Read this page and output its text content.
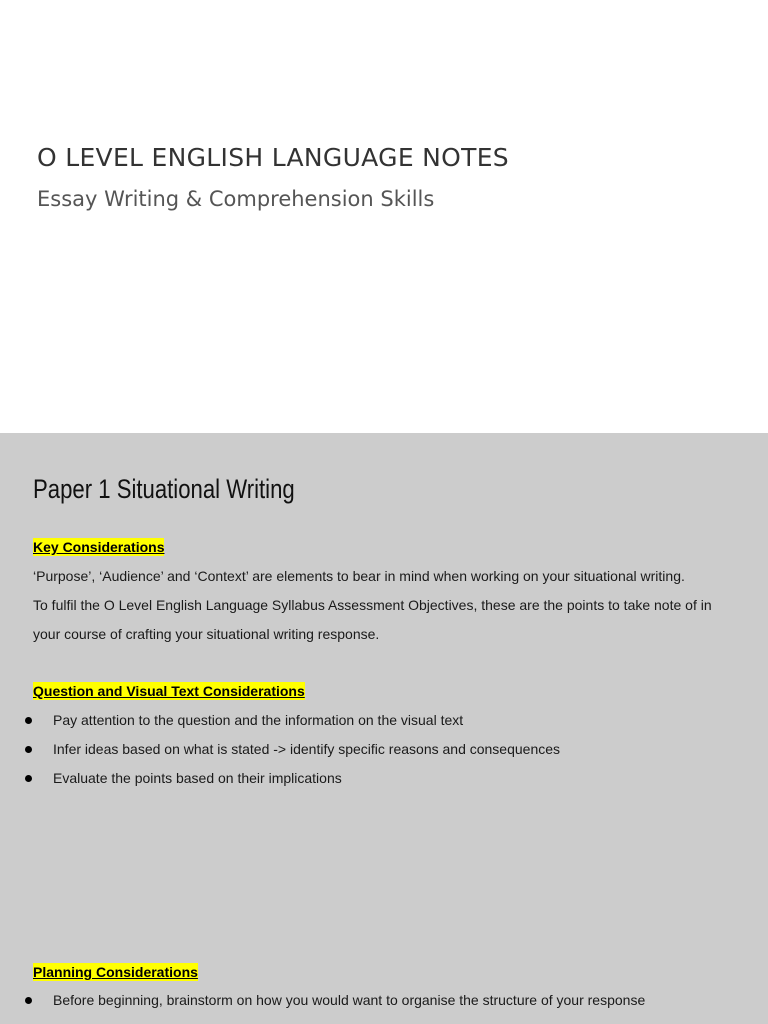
O LEVEL ENGLISH LANGUAGE NOTES

Essay Writing & Comprehension Skills

Paper 1 Situational Writing

Key Considerations

‘Purpose’, ‘Audience’ and ‘Context’ are elements to bear in mind when working on your situational writing.
To fulfil the O Level English Language Syllabus Assessment Objectives, these are the points to take note of in
your course of crafting your situational writing response.

Question and Visual Text Considerations

Pay attention to the question and the information on the visual text
Infer ideas based on what is stated -> identify specific reasons and consequences
Evaluate the points based on their implications

Planning Considerations

Before beginning, brainstorm on how you would want to organise the structure of your response
